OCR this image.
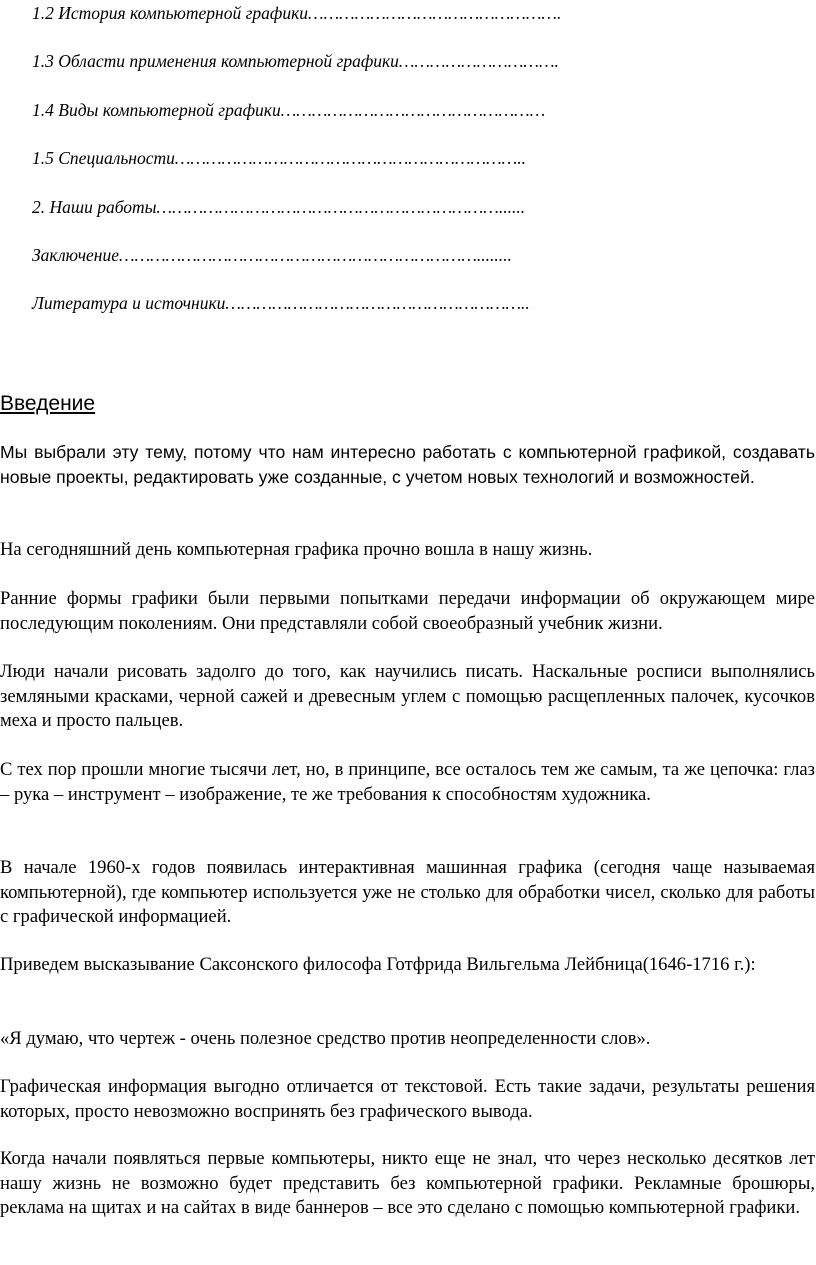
1.2 История компьютерной графики………………………………………….
1.3 Области применения компьютерной графики………………………….
1.4 Виды компьютерной графики……………………………………………
1.5 Специальности…………………………………………………………..
2. Наши работы…………………………………………………………......
Заключение……………………………………………………………........
Литература и источники…………………………………………………..
Введение

Мы выбрали эту тему, потому что нам интересно работать с компьютерной графикой, создавать новые проекты, редактировать уже созданные, с учетом новых технологий и возможностей.

На сегодняшний день компьютерная графика прочно вошла в нашу жизнь.

Ранние формы графики были первыми попытками передачи информации об окружающем мире последующим поколениям. Они представляли собой своеобразный учебник жизни.

Люди начали рисовать задолго до того, как научились писать. Наскальные росписи выполнялись земляными красками, черной сажей и древесным углем с помощью расщепленных палочек, кусочков меха и просто пальцев.

С тех пор прошли многие тысячи лет, но, в принципе, все осталось тем же самым, та же цепочка: глаз – рука – инструмент – изображение, те же требования к способностям художника.

В начале 1960-х годов появилась интерактивная машинная графика (сегодня чаще называемая компьютерной), где компьютер используется уже не столько для обработки чисел, сколько для работы с графической информацией.

Приведем высказывание Саксонского философа Готфрида Вильгельма Лейбница(1646-1716 г.):

«Я думаю, что чертеж - очень полезное средство против неопределенности слов».

Графическая информация выгодно отличается от текстовой. Есть такие задачи, результаты решения которых, просто невозможно воспринять без графического вывода.

Когда начали появляться первые компьютеры, никто еще не знал, что через несколько десятков лет нашу жизнь не возможно будет представить без компьютерной графики. Рекламные брошюры, реклама на щитах и на сайтах в виде баннеров – все это сделано с помощью компьютерной графики.
